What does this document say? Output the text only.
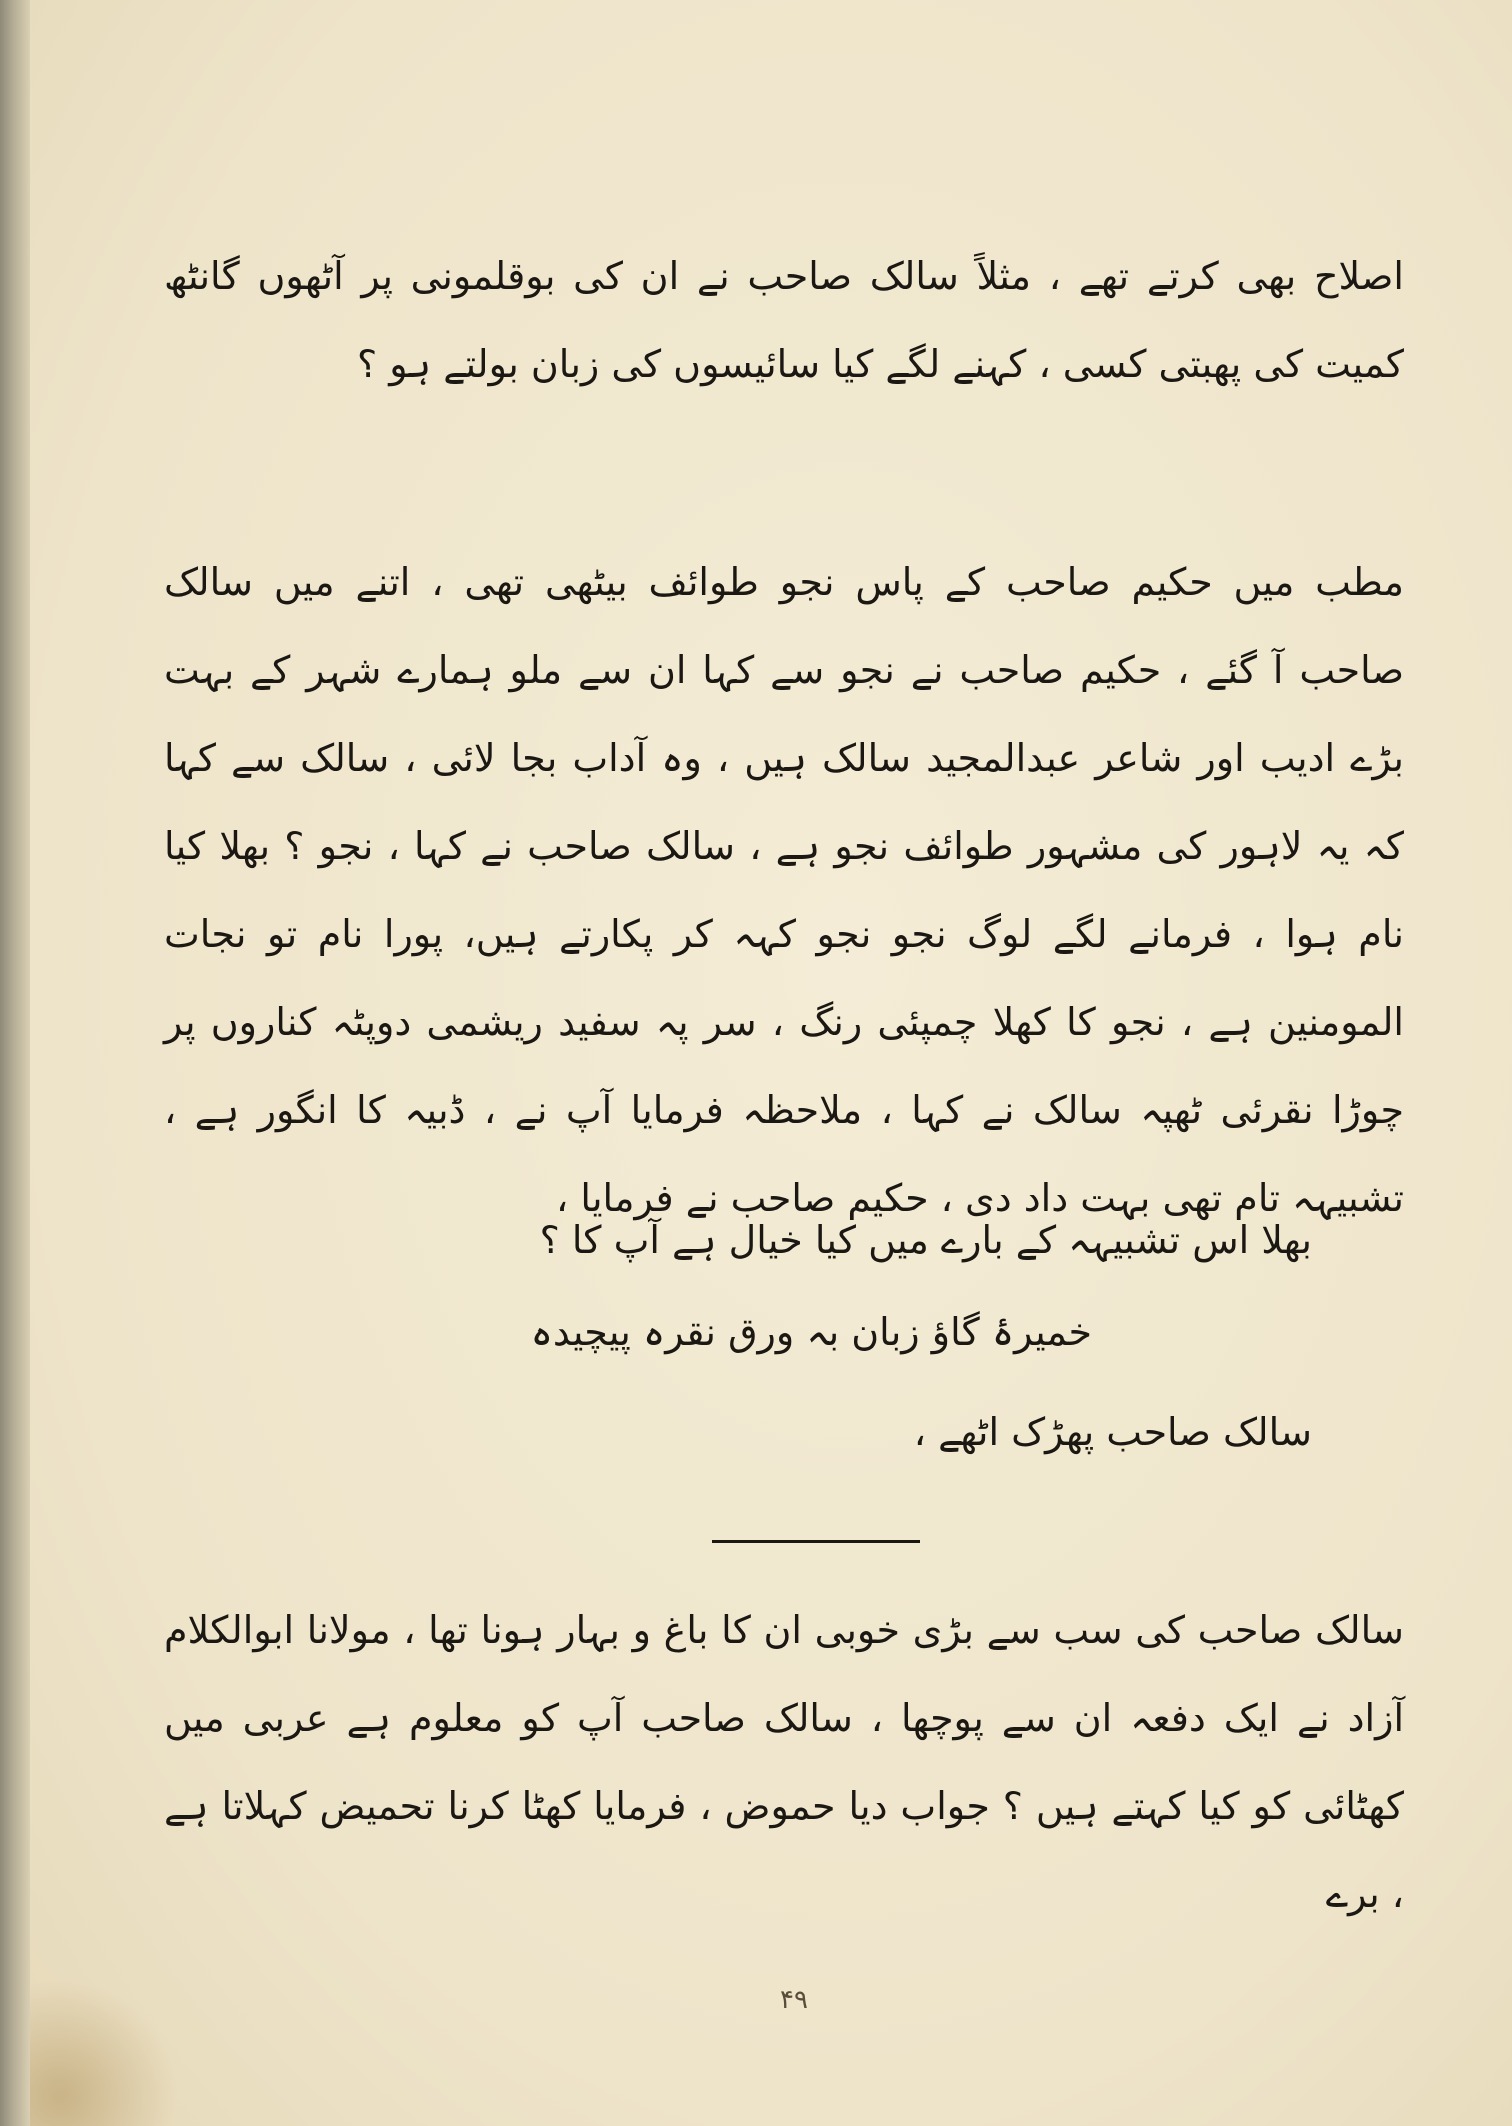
اصلاح بھی کرتے تھے ، مثلاً سالک صاحب نے ان کی بوقلمونی پر آٹھوں گانٹھ کمیت کی پھبتی کسی ، کہنے لگے کیا سائیسوں کی زبان بولتے ہو ؟
مطب میں حکیم صاحب کے پاس نجو طوائف بیٹھی تھی ، اتنے میں سالک صاحب آ گئے ، حکیم صاحب نے نجو سے کہا ان سے ملو ہمارے شہر کے بہت بڑے ادیب اور شاعر عبدالمجید سالک ہیں ، وہ آداب بجا لائی ، سالک سے کہا کہ یہ لاہور کی مشہور طوائف نجو ہے ، سالک صاحب نے کہا ، نجو ؟ بھلا کیا نام ہوا ، فرمانے لگے لوگ نجو نجو کہہ کر پکارتے ہیں، پورا نام تو نجات المومنین ہے ، نجو کا کھلا چمپئی رنگ ، سر پہ سفید ریشمی دوپٹہ کناروں پر چوڑا نقرئی ٹھپہ سالک نے کہا ، ملاحظہ فرمایا آپ نے ، ڈبیہ کا انگور ہے ، تشبیہہ تام تھی بہت داد دی ، حکیم صاحب نے فرمایا ،
بھلا اس تشبیہہ کے بارے میں کیا خیال ہے آپ کا ؟
خمیرۂ گاؤ زبان بہ ورق نقرہ پیچیدہ
سالک صاحب پھڑک اٹھے ،
سالک صاحب کی سب سے بڑی خوبی ان کا باغ و بہار ہونا تھا ، مولانا ابوالکلام آزاد نے ایک دفعہ ان سے پوچھا ، سالک صاحب آپ کو معلوم ہے عربی میں کھٹائی کو کیا کہتے ہیں ؟ جواب دیا حموض ، فرمایا کھٹا کرنا تحمیض کہلاتا ہے ، برے
۴۹
